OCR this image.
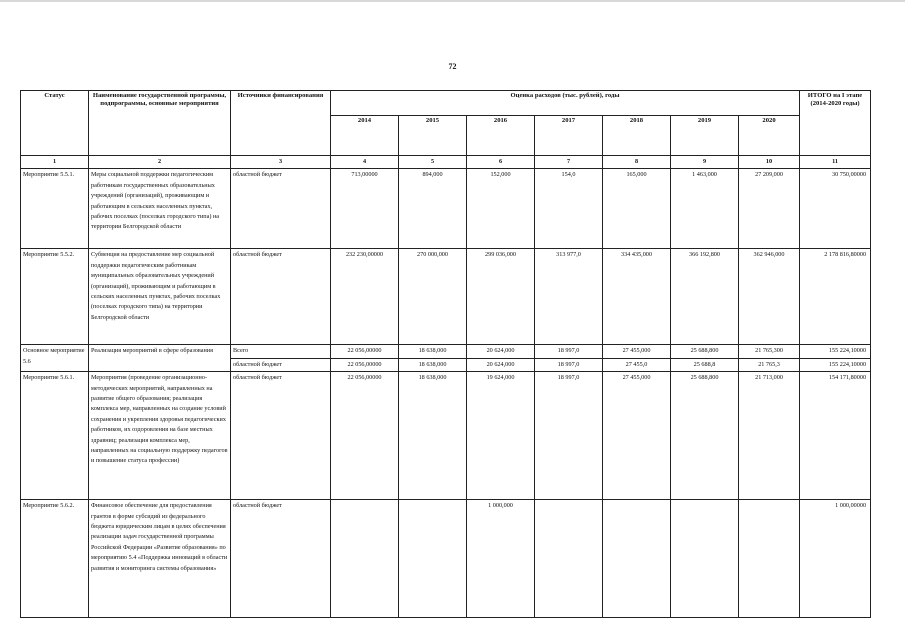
72
Статус	Наименование государственной программы, подпрограммы, основные мероприятия	Источники финансирования	Оценка расходов (тыс. рублей), годы							ИТОГО на I этапе (2014-2020 годы)
			2014	2015	2016	2017	2018	2019	2020	
1	2	3	4	5	6	7	8	9	10	11
Мероприятие 5.5.1.	Меры социальной поддержки педагогическим работникам государственных образовательных учреждений (организаций), проживающим и работающим в сельских населенных пунктах, рабочих поселках (поселках городского типа) на территории Белгородской области	областной бюджет	713,00000	894,000	152,000	154,0	165,000	1 463,000	27 209,000	30 750,00000
Мероприятие 5.5.2.	Субвенция на предоставление мер социальной поддержки педагогическим работникам муниципальных образовательных учреждений (организаций), проживающим и работающим в сельских населенных пунктах, рабочих поселках (поселках городского типа) на территории Белгородской области	областной бюджет	232 230,00000	270 000,000	299 036,000	313 977,0	334 435,000	366 192,800	362 946,000	2 178 816,80000
Основное мероприятие 5.6	Реализация мероприятий в сфере образования	Всего	22 056,00000	18 638,000	20 624,000	18 997,0	27 455,000	25 688,800	21 765,300	155 224,10000
		областной бюджет	22 056,00000	18 638,000	20 624,000	18 997,0	27 455,0	25 688,8	21 765,3	155 224,10000
Мероприятие 5.6.1.	Мероприятия (проведение организационно-методических мероприятий, направленных на развитие общего образования; реализация комплекса мер, направленных на создание условий сохранения и укрепления здоровья педагогических работников, их оздоровления на базе местных здравниц; реализация комплекса мер, направленных на социальную поддержку педагогов и повышение статуса профессии)	областной бюджет	22 056,00000	18 638,000	19 624,000	18 997,0	27 455,000	25 688,800	21 713,000	154 171,80000
Мероприятие 5.6.2.	Финансовое обеспечение для предоставления грантов в форме субсидий из федерального бюджета юридическим лицам в целях обеспечения реализации задач государственной программы Российской Федерации «Развитие образования» по мероприятию 5.4 «Поддержка инноваций в области развития и мониторинга системы образования»	областной бюджет			1 000,000					1 000,00000
